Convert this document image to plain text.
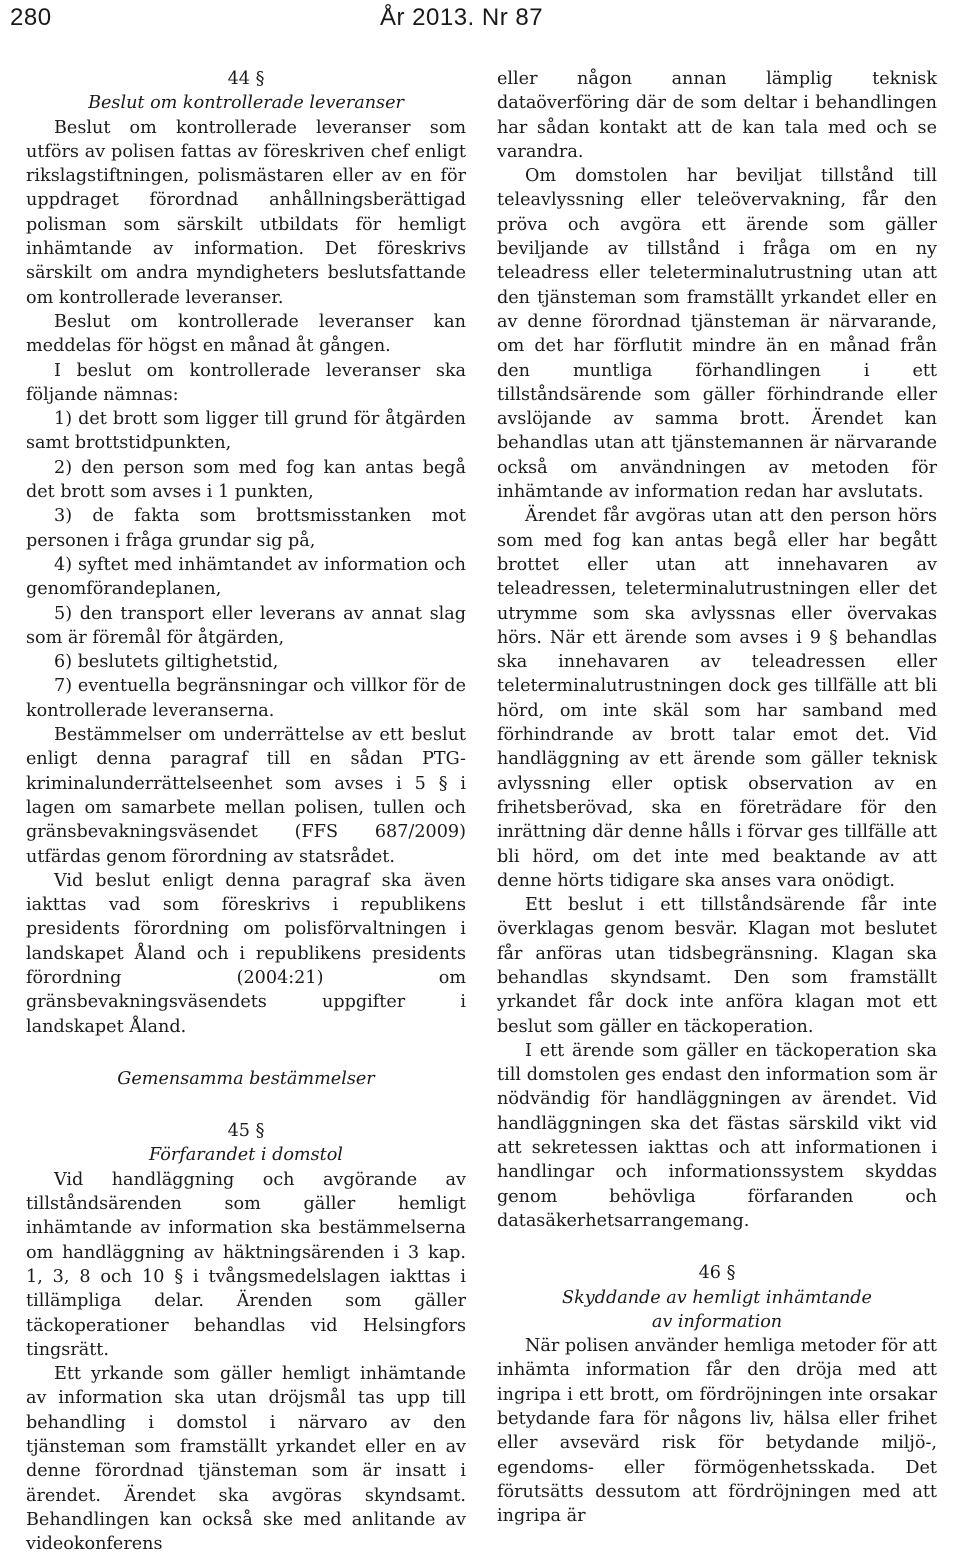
280	År 2013. Nr 87

44 §

Beslut om kontrollerade leveranser

Beslut om kontrollerade leveranser som utförs av polisen fattas av föreskriven chef enligt rikslagstiftningen, polismästaren eller av en för uppdraget förordnad anhållningsberättigad polisman som särskilt utbildats för hemligt inhämtande av information. Det föreskrivs särskilt om andra myndigheters beslutsfattande om kontrollerade leveranser.

Beslut om kontrollerade leveranser kan meddelas för högst en månad åt gången.

I beslut om kontrollerade leveranser ska följande nämnas:

1) det brott som ligger till grund för åtgärden samt brottstidpunkten,

2) den person som med fog kan antas begå det brott som avses i 1 punkten,

3) de fakta som brottsmisstanken mot personen i fråga grundar sig på,

4) syftet med inhämtandet av information och genomförandeplanen,

5) den transport eller leverans av annat slag som är föremål för åtgärden,

6) beslutets giltighetstid,

7) eventuella begränsningar och villkor för de kontrollerade leveranserna.

Bestämmelser om underrättelse av ett beslut enligt denna paragraf till en sådan PTG-kriminalunderrättelseenhet som avses i 5 § i lagen om samarbete mellan polisen, tullen och gränsbevakningsväsendet (FFS 687/2009) utfärdas genom förordning av statsrådet.

Vid beslut enligt denna paragraf ska även iakttas vad som föreskrivs i republikens presidents förordning om polisförvaltningen i landskapet Åland och i republikens presidents förordning (2004:21) om gränsbevakningsväsendets uppgifter i landskapet Åland.

Gemensamma bestämmelser

45 §

Förfarandet i domstol

Vid handläggning och avgörande av tillståndsärenden som gäller hemligt inhämtande av information ska bestämmelserna om handläggning av häktningsärenden i 3 kap. 1, 3, 8 och 10 § i tvångsmedelslagen iakttas i tillämpliga delar. Ärenden som gäller täckoperationer behandlas vid Helsingfors tingsrätt.

Ett yrkande som gäller hemligt inhämtande av information ska utan dröjsmål tas upp till behandling i domstol i närvaro av den tjänsteman som framställt yrkandet eller en av denne förordnad tjänsteman som är insatt i ärendet. Ärendet ska avgöras skyndsamt. Behandlingen kan också ske med anlitande av videokonferens

eller någon annan lämplig teknisk dataöverföring där de som deltar i behandlingen har sådan kontakt att de kan tala med och se varandra.

Om domstolen har beviljat tillstånd till teleavlyssning eller teleövervakning, får den pröva och avgöra ett ärende som gäller beviljande av tillstånd i fråga om en ny teleadress eller teleterminalutrustning utan att den tjänsteman som framställt yrkandet eller en av denne förordnad tjänsteman är närvarande, om det har förflutit mindre än en månad från den muntliga förhandlingen i ett tillståndsärende som gäller förhindrande eller avslöjande av samma brott. Ärendet kan behandlas utan att tjänstemannen är närvarande också om användningen av metoden för inhämtande av information redan har avslutats.

Ärendet får avgöras utan att den person hörs som med fog kan antas begå eller har begått brottet eller utan att innehavaren av teleadressen, teleterminalutrustningen eller det utrymme som ska avlyssnas eller övervakas hörs. När ett ärende som avses i 9 § behandlas ska innehavaren av teleadressen eller teleterminalutrustningen dock ges tillfälle att bli hörd, om inte skäl som har samband med förhindrande av brott talar emot det. Vid handläggning av ett ärende som gäller teknisk avlyssning eller optisk observation av en frihetsberövad, ska en företrädare för den inrättning där denne hålls i förvar ges tillfälle att bli hörd, om det inte med beaktande av att denne hörts tidigare ska anses vara onödigt.

Ett beslut i ett tillståndsärende får inte överklagas genom besvär. Klagan mot beslutet får anföras utan tidsbegränsning. Klagan ska behandlas skyndsamt. Den som framställt yrkandet får dock inte anföra klagan mot ett beslut som gäller en täckoperation.

I ett ärende som gäller en täckoperation ska till domstolen ges endast den information som är nödvändig för handläggningen av ärendet. Vid handläggningen ska det fästas särskild vikt vid att sekretessen iakttas och att informationen i handlingar och informationssystem skyddas genom behövliga förfaranden och datasäkerhetsarrangemang.

46 §

Skyddande av hemligt inhämtande

av information

När polisen använder hemliga metoder för att inhämta information får den dröja med att ingripa i ett brott, om fördröjningen inte orsakar betydande fara för någons liv, hälsa eller frihet eller avsevärd risk för betydande miljö-, egendoms- eller förmögenhetsskada. Det förutsätts dessutom att fördröjningen med att ingripa är
